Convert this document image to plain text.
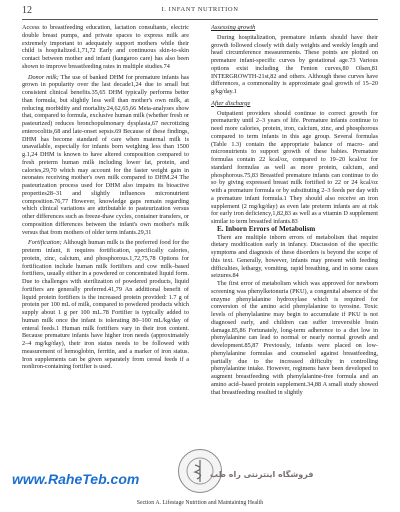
12	I. INFANT NUTRITION

Access to breastfeeding education, lactation consultants, electric double breast pumps, and private spaces to express milk are extremely important to adequately support mothers while their child is hospitalized.1,71,72 Early and continuous skin-to-skin contact between mother and infant (kangaroo care) has also been shown to improve breastfeeding rates in multiple studies.74

Donor milk; The use of banked DHM for premature infants has grown in popularity over the last decade1,24 due to small but consistent clinical benefits.35,65 DHM typically performs better than formula, but slightly less well than mother's own milk, at reducing morbidity and mortality.24,62,65,66 Meta-analyses show that, compared to formula, exclusive human milk (whether fresh or pasteurized) reduces bronchopulmonary dysplasia,67 necrotizing enterocolitis,68 and late-onset sepsis.69 Because of these findings, DHM has become standard of care when maternal milk is unavailable, especially for infants born weighing less than 1500 g.1,24 DHM is known to have altered composition compared to fresh preterm human milk including lower fat, protein, and calories,29,70 which may account for the faster weight gain in neonates receiving mother's own milk compared to DHM.24 The pasteurization process used for DHM also impairs its bioactive properties28–31 and slightly influences micronutrient composition.76,77 However, knowledge gaps remain regarding which clinical variations are attributable to pasteurization versus other differences such as freeze-thaw cycles, container transfers, or composition differences between the infant's own mother's milk versus that from mothers of older term infants.29,31

Fortification; Although human milk is the preferred food for the preterm infant, it requires fortification, specifically calories, protein, zinc, calcium, and phosphorous.1,72,75,78 Options for fortification include human milk fortifiers and cow milk–based fortifiers, usually either in a powdered or concentrated liquid form. Due to challenges with sterilization of powdered products, liquid fortifiers are generally preferred.41,79 An additional benefit of liquid protein fortifiers is the increased protein provided: 1.7 g of protein per 100 mL of milk, compared to powdered products which supply about 1 g per 100 mL.78 Fortifier is typically added to human milk once the infant is tolerating 80–100 mL/kg/day of enteral feeds.1 Human milk fortifiers vary in their iron content. Because premature infants have higher iron needs (approximately 2–4 mg/kg/day), their iron status needs to be followed with measurement of hemoglobin, ferritin, and a marker of iron status. Iron supplements can be given separately from cereal feeds if a nonliron-containing fortifier is used.

Assessing growth

During hospitalization, premature infants should have their growth followed closely with daily weights and weekly length and head circumference measurements. These points are plotted on premature infant-specific curves by gestational age.73 Various options exist including the Fenton curves,80 Olsen,81 INTERGROWTH-21st,82 and others. Although these curves have differences, a commonality is approximate goal growth of 15–20 g/kg/day.1

After discharge

Outpatient providers should continue to correct growth for prematurity until 2–3 years of life. Premature infants continue to need more calories, protein, iron, calcium, zinc, and phosphorous compared to term infants in this age group. Several formulas (Table 1.3) contain the appropriate balance of macro- and micronutrients to support growth of these babies. Premature formulas contain 22 kcal/oz, compared to 19–20 kcal/oz for standard formulas as well as more protein, calcium, and phosphorous.75,83 Breastfed premature infants can continue to do so by giving expressed breast milk fortified to 22 or 24 kcal/oz with a premature formula or by substituting 2–3 feeds per day with a premature infant formula.1 They should also receive an iron supplement (2 mg/kg/day) as even late preterm infants are at risk for early iron deficiency,1,82,83 as well as a vitamin D supplement similar to term breastfed infants.83

E. Inborn Errors of Metabolism

There are multiple inborn errors of metabolism that require dietary modification early in infancy. Discussion of the specific symptoms and diagnosis of these disorders is beyond the scope of this text. Generally, however, infants may present with feeding difficulties, lethargy, vomiting, rapid breathing, and in some cases seizures.84

The first error of metabolism which was approved for newborn screening was phenylketonuria (PKU), a congenital absence of the enzyme phenylalanine hydroxylase which is required for conversion of the amino acid phenylalanine to tyrosine. Toxic levels of phenylalanine may begin to accumulate if PKU is not diagnosed early, and children can suffer irreversible brain damage.85,86 Fortunately, long-term adherence to a diet low in phenylalanine can lead to normal or nearly normal growth and development.85,87 Previously, infants were placed on low-phenylalanine formulas and counseled against breastfeeding, partially due to the increased difficulty in controlling phenylalanine intake. However, regimens have been developed to augment breastfeeding with phenylalanine-free formula and an amino acid–based protein supplement.34,88 A small study showed that breastfeeding resulted in slightly

www.RaheTeb.com	فروشگاه اینترنتی راه طب
Section A. Lifestage Nutrition and Maintaining Health
